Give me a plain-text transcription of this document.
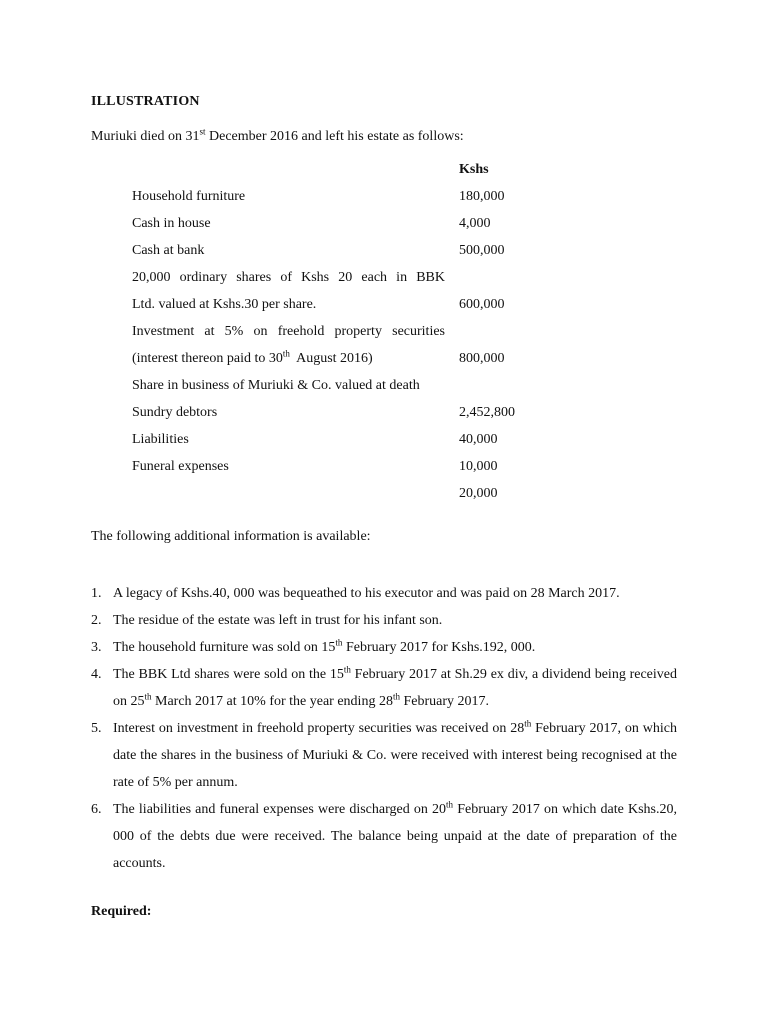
ILLUSTRATION
Muriuki died on 31st December 2016 and left his estate as follows:
Kshs
Household furniture	180,000
Cash in house	4,000
Cash at bank	500,000
20,000 ordinary shares of Kshs 20 each in BBK
Ltd. valued at Kshs.30 per share.	600,000
Investment at 5% on freehold property securities
(interest thereon paid to 30th  August 2016)	800,000
Share in business of Muriuki & Co. valued at death
Sundry debtors	2,452,800
Liabilities	40,000
Funeral expenses	10,000
20,000
The following additional information is available:
1. A legacy of Kshs.40, 000 was bequeathed to his executor and was paid on 28 March 2017.
2. The residue of the estate was left in trust for his infant son.
3. The household furniture was sold on 15th February 2017 for Kshs.192, 000.
4. The BBK Ltd shares were sold on the 15th February 2017 at Sh.29 ex div, a dividend being received on 25th March 2017 at 10% for the year ending 28th February 2017.
5. Interest on investment in freehold property securities was received on 28th February 2017, on which date the shares in the business of Muriuki & Co. were received with interest being recognised at the rate of 5% per annum.
6. The liabilities and funeral expenses were discharged on 20th February 2017 on which date Kshs.20, 000 of the debts due were received. The balance being unpaid at the date of preparation of the accounts.
Required:
